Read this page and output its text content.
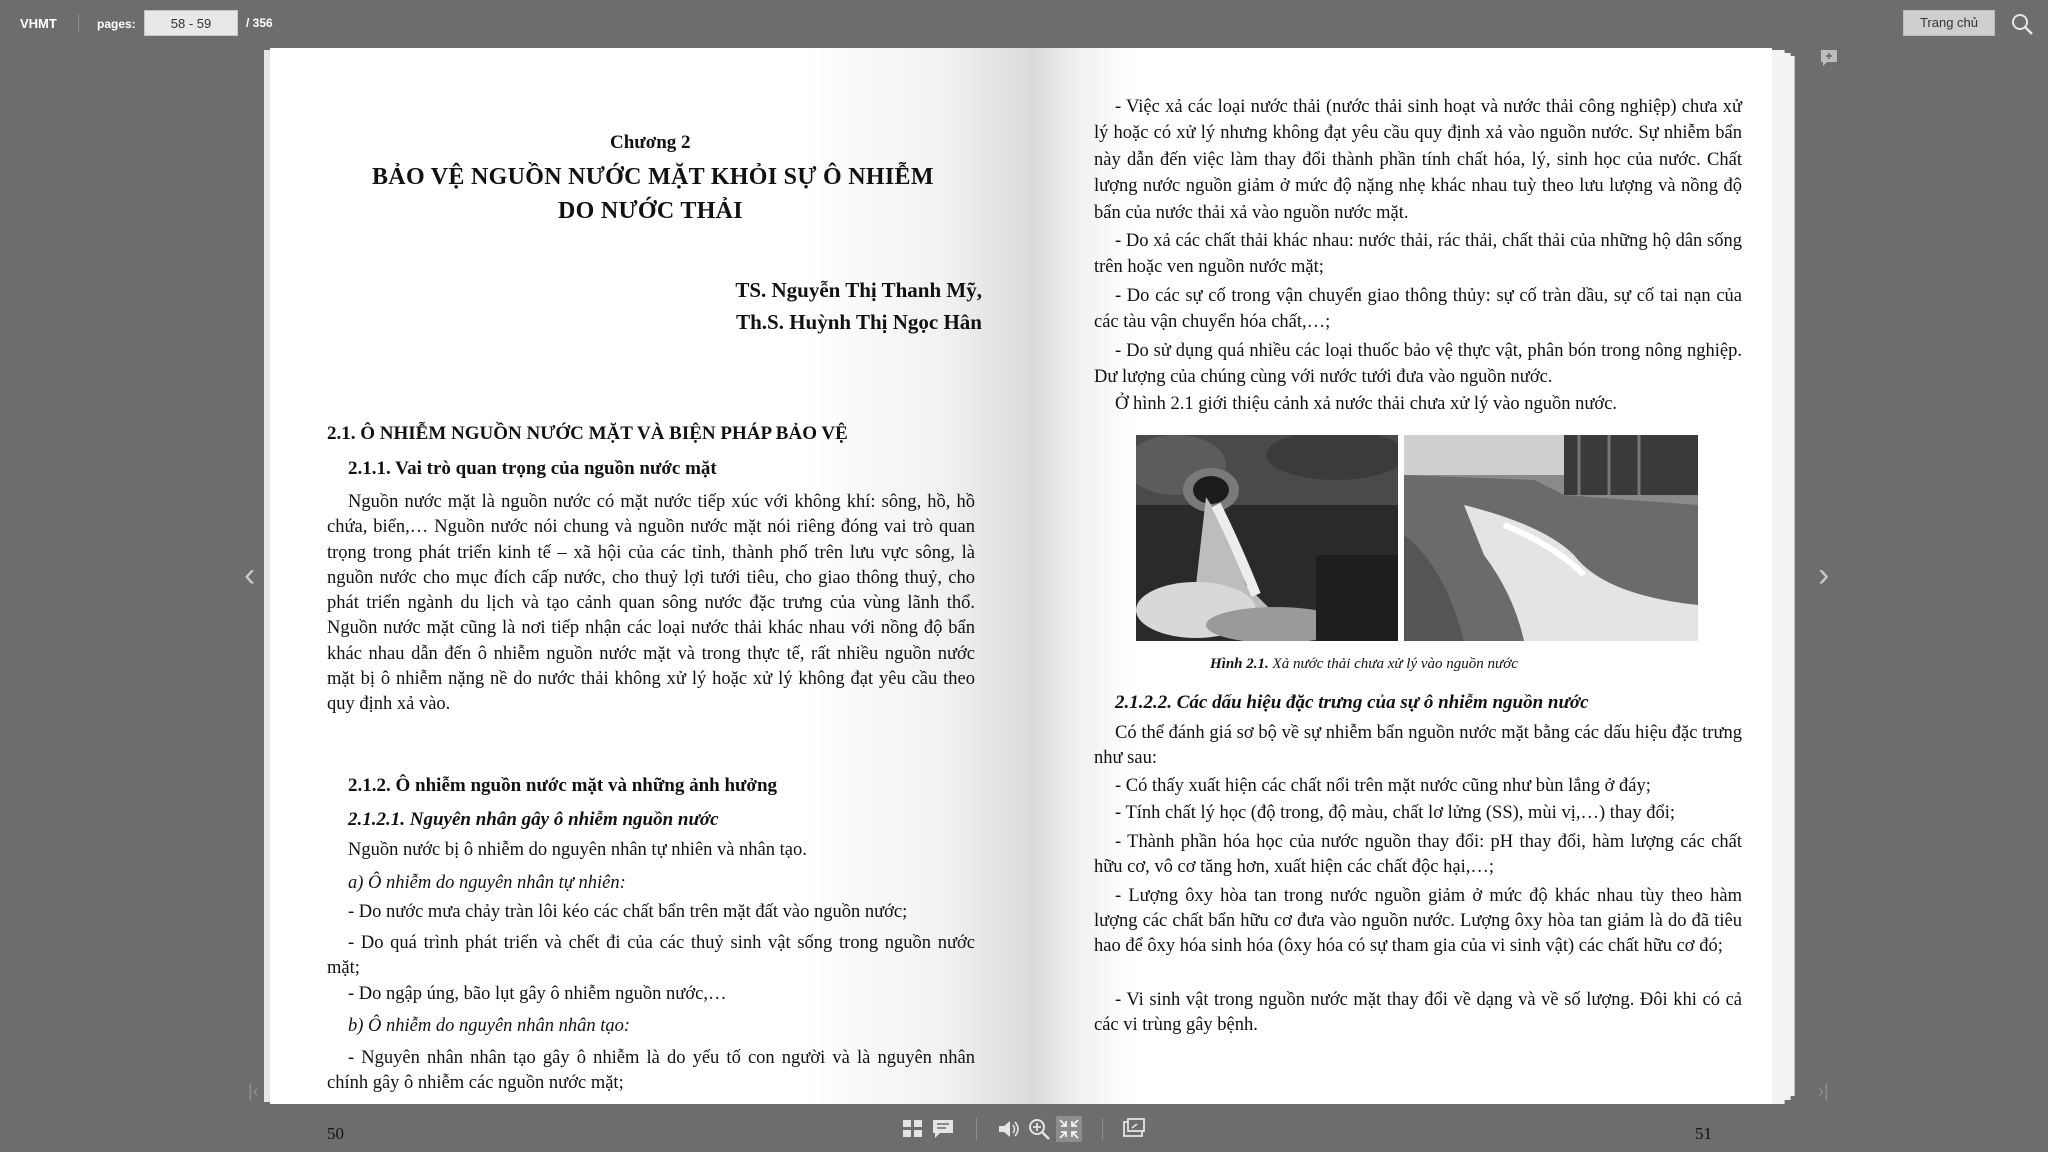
VHMT	pages:
58 - 59	/ 356	Trang chủ
‹	›
|‹	›|
Chương 2
BẢO VỆ NGUỒN NƯỚC MẶT KHỎI SỰ Ô NHIỄM
DO NƯỚC THẢI
TS. Nguyễn Thị Thanh Mỹ,
Th.S. Huỳnh Thị Ngọc Hân
2.1. Ô NHIỄM NGUỒN NƯỚC MẶT VÀ BIỆN PHÁP BẢO VỆ
2.1.1. Vai trò quan trọng của nguồn nước mặt
Nguồn nước mặt là nguồn nước có mặt nước tiếp xúc với không khí: sông, hồ, hồ chứa, biển,… Nguồn nước nói chung và nguồn nước mặt nói riêng đóng vai trò quan trọng trong phát triển kinh tế – xã hội của các tỉnh, thành phố trên lưu vực sông, là nguồn nước cho mục đích cấp nước, cho thuỷ lợi tưới tiêu, cho giao thông thuỷ, cho phát triển ngành du lịch và tạo cảnh quan sông nước đặc trưng của vùng lãnh thổ. Nguồn nước mặt cũng là nơi tiếp nhận các loại nước thải khác nhau với nồng độ bẩn khác nhau dẫn đến ô nhiễm nguồn nước mặt và trong thực tế, rất nhiều nguồn nước mặt bị ô nhiễm nặng nề do nước thải không xử lý hoặc xử lý không đạt yêu cầu theo quy định xả vào.
2.1.2. Ô nhiễm nguồn nước mặt và những ảnh hưởng
2.1.2.1. Nguyên nhân gây ô nhiễm nguồn nước
Nguồn nước bị ô nhiễm do nguyên nhân tự nhiên và nhân tạo.
a) Ô nhiễm do nguyên nhân tự nhiên:
- Do nước mưa chảy tràn lôi kéo các chất bẩn trên mặt đất vào nguồn nước;
- Do quá trình phát triển và chết đi của các thuỷ sinh vật sống trong nguồn nước mặt;
- Do ngập úng, bão lụt gây ô nhiễm nguồn nước,…
b) Ô nhiễm do nguyên nhân nhân tạo:
- Nguyên nhân nhân tạo gây ô nhiễm là do yếu tố con người và là nguyên nhân chính gây ô nhiễm các nguồn nước mặt;
50
- Việc xả các loại nước thải (nước thải sinh hoạt và nước thải công nghiệp) chưa xử lý hoặc có xử lý nhưng không đạt yêu cầu quy định xả vào nguồn nước. Sự nhiễm bẩn này dẫn đến việc làm thay đổi thành phần tính chất hóa, lý, sinh học của nước. Chất lượng nước nguồn giảm ở mức độ nặng nhẹ khác nhau tuỳ theo lưu lượng và nồng độ bẩn của nước thải xả vào nguồn nước mặt.
- Do xả các chất thải khác nhau: nước thải, rác thải, chất thải của những hộ dân sống trên hoặc ven nguồn nước mặt;
- Do các sự cố trong vận chuyển giao thông thủy: sự cố tràn dầu, sự cố tai nạn của các tàu vận chuyển hóa chất,…;
- Do sử dụng quá nhiều các loại thuốc bảo vệ thực vật, phân bón trong nông nghiệp. Dư lượng của chúng cùng với nước tưới đưa vào nguồn nước.
Ở hình 2.1 giới thiệu cảnh xả nước thải chưa xử lý vào nguồn nước.
Hình 2.1. Xả nước thải chưa xử lý vào nguồn nước
2.1.2.2. Các dấu hiệu đặc trưng của sự ô nhiễm nguồn nước
Có thể đánh giá sơ bộ về sự nhiễm bẩn nguồn nước mặt bằng các dấu hiệu đặc trưng như sau:
- Có thấy xuất hiện các chất nổi trên mặt nước cũng như bùn lắng ở đáy;
- Tính chất lý học (độ trong, độ màu, chất lơ lửng (SS), mùi vị,…) thay đổi;
- Thành phần hóa học của nước nguồn thay đổi: pH thay đổi, hàm lượng các chất hữu cơ, vô cơ tăng hơn, xuất hiện các chất độc hại,…;
- Lượng ôxy hòa tan trong nước nguồn giảm ở mức độ khác nhau tùy theo hàm lượng các chất bẩn hữu cơ đưa vào nguồn nước. Lượng ôxy hòa tan giảm là do đã tiêu hao để ôxy hóa sinh hóa (ôxy hóa có sự tham gia của vi sinh vật) các chất hữu cơ đó;
- Vi sinh vật trong nguồn nước mặt thay đổi về dạng và về số lượng. Đôi khi có cả các vi trùng gây bệnh.
51
